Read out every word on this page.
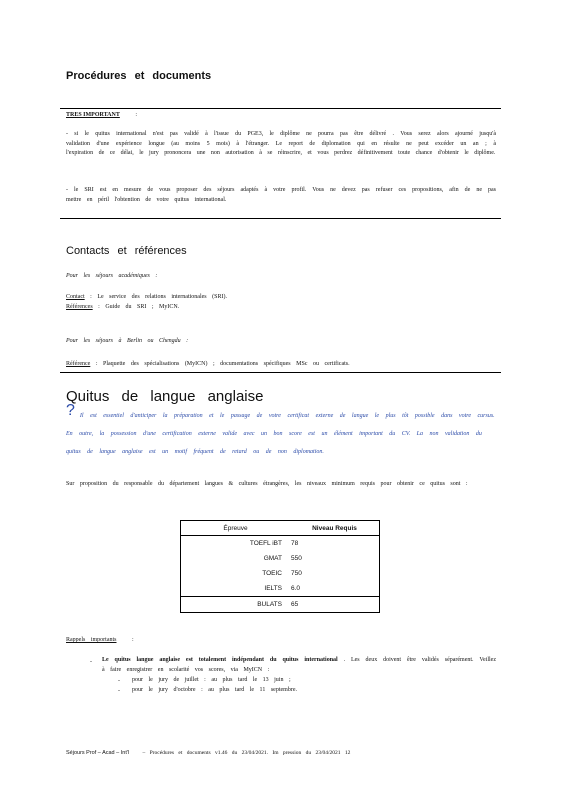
Procédures et documents
TRES IMPORTANT	:
- si le quitus international n'est pas validé à l'issue du PGE3, le diplôme ne pourra pas être délivré . Vous serez alors ajourné jusqu'à validation d'une expérience longue (au moins 5 mois) à l'étranger. Le report de diplomation qui en résulte ne peut excéder un an ; à l'expiration de ce délai, le jury prononcera une non autorisation à se réinscrire, et vous perdrez définitivement toute chance d'obtenir le diplôme.
- le SRI est en mesure de vous proposer des séjours adaptés à votre profil. Vous ne devez pas refuser ces propositions, afin de ne pas mettre en péril l'obtention de votre quitus international.
Contacts et références
Pour les séjours académiques :
Contact : Le service des relations internationales (SRI).
Références : Guide du SRI ; MyICN.
Pour les séjours à Berlin ou Chengdu :
Référence : Plaquette des spécialisations (MyICN) ; documentations spécifiques MSc ou certificats.
Quitus de langue anglaise
? Il est essentiel d'anticiper la préparation et le passage de votre certificat externe de langue le plus tôt possible dans votre cursus. En outre, la possession d'une certification externe valide avec un bon score est un élément important du CV. La non validation du quitus de langue anglaise est un motif fréquent de retard ou de non diplomation.
Sur proposition du responsable du département langues & cultures étrangères, les niveaux minimum requis pour obtenir ce quitus sont :
Épreuve	Niveau Requis
TOEFL iBT	78
GMAT	550
TOEIC	750
IELTS	6.0
BULATS	65
Rappels importants	:
- Le quitus langue anglaise est totalement indépendant du quitus international . Les deux doivent être validés séparément. Veillez à faire enregistrer en scolarité vos scores, via MyICN :
- pour le jury de juillet : au plus tard le 13 juin ;
- pour le jury d'octobre : au plus tard le 11 septembre.
Séjours Prof – Acad – Int'l – Procédures et documents v1.46 du 23/04/2021. Im pression du 23/04/2021 12
